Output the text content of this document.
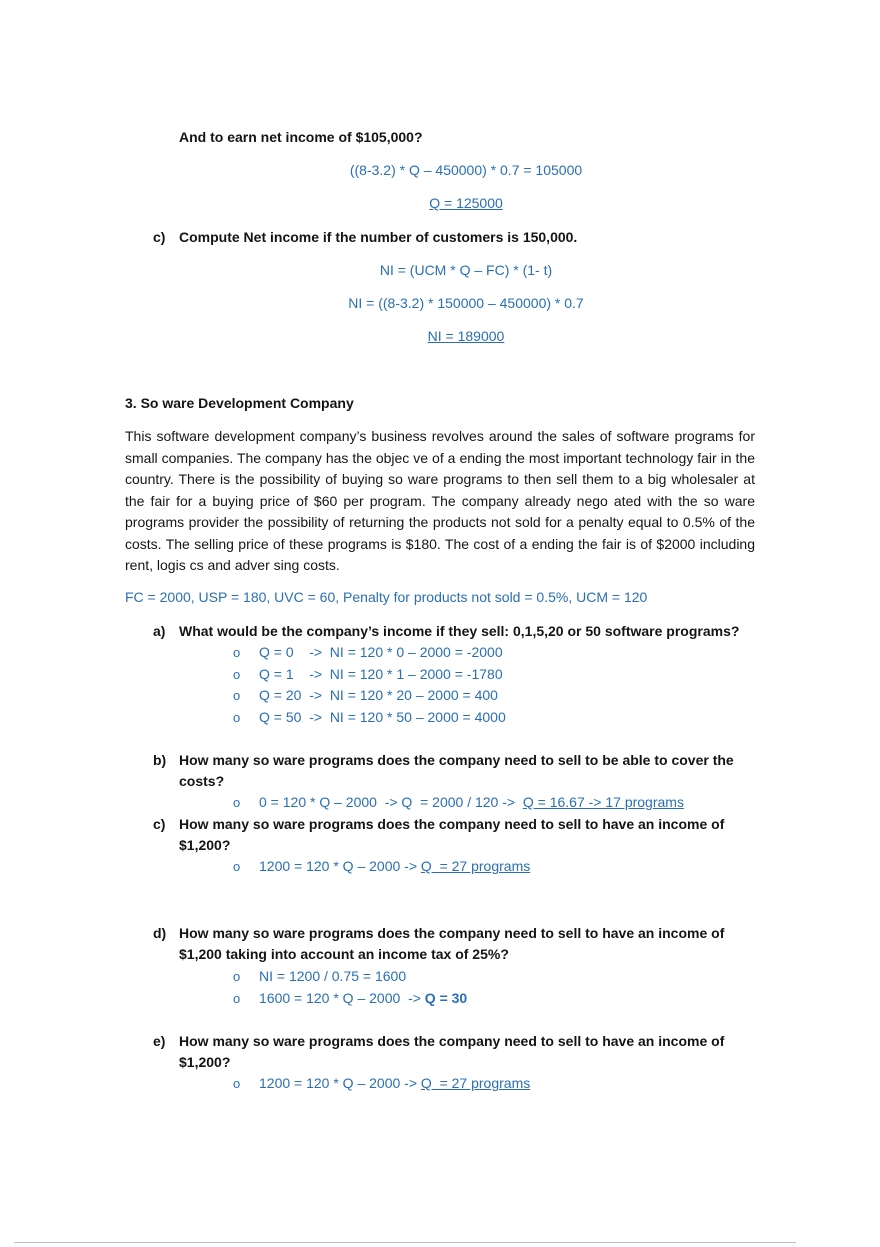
And to earn net income of $105,000?
((8-3.2) * Q – 450000) * 0.7 = 105000
Q = 125000
c) Compute Net income if the number of customers is 150,000.
NI = (UCM * Q – FC) * (1- t)
NI = ((8-3.2) * 150000 – 450000) * 0.7
NI = 189000
3. So ware Development Company
This software development company’s business revolves around the sales of software programs for small companies. The company has the objec ve of a ending the most important technology fair in the country. There is the possibility of buying so ware programs to then sell them to a big wholesaler at the fair for a buying price of $60 per program. The company already nego ated with the so ware programs provider the possibility of returning the products not sold for a penalty equal to 0.5% of the costs. The selling price of these programs is $180. The cost of a ending the fair is of $2000 including rent, logis cs and adver sing costs.
FC = 2000, USP = 180, UVC = 60, Penalty for products not sold = 0.5%, UCM = 120
a) What would be the company’s income if they sell: 0,1,5,20 or 50 software programs?
o Q = 0    ->  NI = 120 * 0 – 2000 = -2000
o Q = 1    ->  NI = 120 * 1 – 2000 = -1780
o Q = 20  ->  NI = 120 * 20 – 2000 = 400
o Q = 50  ->  NI = 120 * 50 – 2000 = 4000
b) How many so ware programs does the company need to sell to be able to cover the
costs?
o 0 = 120 * Q – 2000  -> Q  = 2000 / 120 ->  Q = 16.67 -> 17 programs
c) How many so ware programs does the company need to sell to have an income of
$1,200?
o 1200 = 120 * Q – 2000 -> Q  = 27 programs
d) How many so ware programs does the company need to sell to have an income of
$1,200 taking into account an income tax of 25%?
o NI = 1200 / 0.75 = 1600
o 1600 = 120 * Q – 2000  -> Q = 30
e) How many so ware programs does the company need to sell to have an income of
$1,200?
o 1200 = 120 * Q – 2000 -> Q  = 27 programs
